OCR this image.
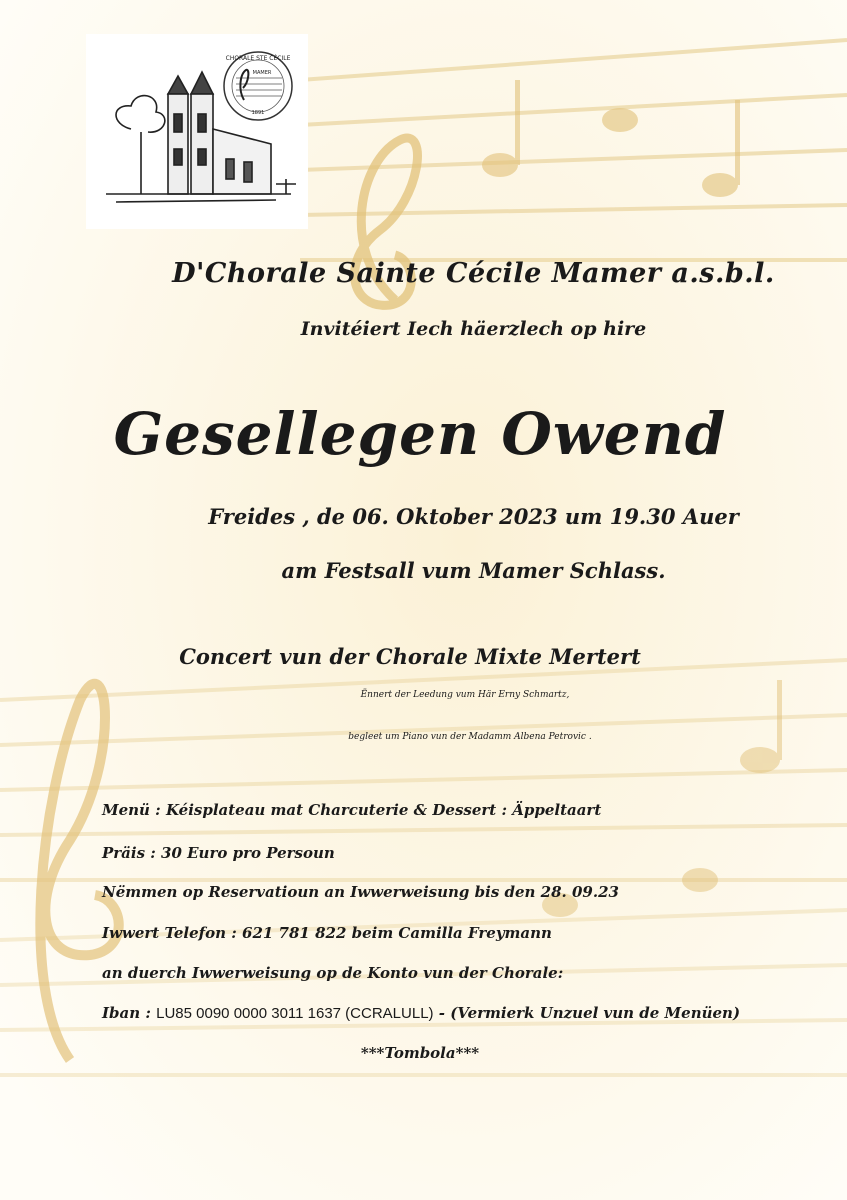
CHORALE STE CÉCILE
MAMER
1891
D'Chorale Sainte Cécile Mamer a.s.b.l.
Invitéiert Iech häerzlech op hire
Gesellegen Owend
Freides , de 06. Oktober 2023 um 19.30 Auer
am Festsall vum Mamer Schlass.
Concert vun der Chorale Mixte Mertert
Ënnert der Leedung vum Här Erny Schmartz,
begleet um Piano vun der Madamm Albena Petrovic .
Menü : Kéisplateau mat Charcuterie & Dessert : Äppeltaart
Präis : 30 Euro pro Persoun
Nëmmen op Reservatioun an Iwwerweisung bis den 28. 09.23
Iwwert Telefon : 621 781 822 beim Camilla Freymann
an duerch Iwwerweisung op de Konto vun der Chorale:
Iban : LU85 0090 0000 3011 1637 (CCRALULL) - (Vermierk Unzuel vun de Menüen)
***Tombola***
